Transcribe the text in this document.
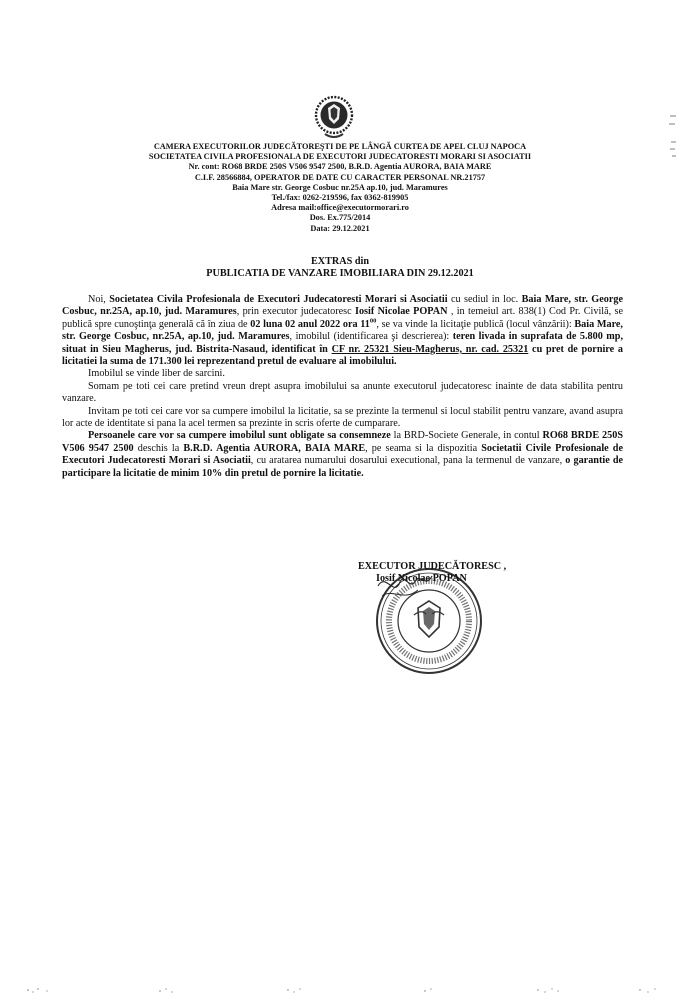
CAMERA EXECUTORILOR JUDECĂTOREŞTI DE PE LÂNGĂ CURTEA DE APEL CLUJ NAPOCA
SOCIETATEA CIVILA PROFESIONALA DE EXECUTORI JUDECATORESTI MORARI SI ASOCIATII
Nr. cont: RO68 BRDE 250S V506 9547 2500, B.R.D. Agentia AURORA, BAIA MARE
C.I.F. 28566884, OPERATOR DE DATE CU CARACTER PERSONAL NR.21757
Baia Mare str. George Cosbuc nr.25A ap.10, jud. Maramures
Tel./fax: 0262-219596, fax 0362-819905
Adresa mail:office@executormorari.ro
Dos. Ex.775/2014
Data: 29.12.2021
EXTRAS din
PUBLICATIA DE VANZARE IMOBILIARA DIN 29.12.2021

Noi, Societatea Civila Profesionala de Executori Judecatoresti Morari si Asociatii cu sediul in loc. Baia Mare, str. George Cosbuc, nr.25A, ap.10, jud. Maramures, prin executor judecatoresc Iosif Nicolae POPAN , in temeiul art. 838(1) Cod Pr. Civilă, se publică spre cunoştinţa generală că în ziua de 02 luna 02 anul 2022 ora $11^{00}$, se va vinde la licitaţie publică (locul vânzării): Baia Mare, str. George Cosbuc, nr.25A, ap.10, jud. Maramures, imobilul (identificarea şi descrierea): teren livada in suprafata de 5.800 mp, situat in Sieu Magherus, jud. Bistrita-Nasaud, identificat în CF nr. 25321 Sieu-Magherus, nr. cad. 25321 cu pret de pornire a licitatiei la suma de 171.300 lei reprezentand pretul de evaluare al imobilului.

Imobilul se vinde liber de sarcini.

Somam pe toti cei care pretind vreun drept asupra imobilului sa anunte executorul judecatoresc inainte de data stabilita pentru vanzare.

Invitam pe toti cei care vor sa cumpere imobilul la licitatie, sa se prezinte la termenul si locul stabilit pentru vanzare, avand asupra lor acte de identitate si pana la acel termen sa prezinte in scris oferte de cumparare.

Persoanele care vor sa cumpere imobilul sunt obligate sa consemneze la BRD-Societe Generale, in contul RO68 BRDE 250S V506 9547 2500 deschis la B.R.D. Agentia AURORA, BAIA MARE, pe seama si la dispozitia Societatii Civile Profesionale de Executori Judecatoresti Morari si Asociatii, cu aratarea numarului dosarului executional, pana la termenul de vanzare, o garantie de participare la licitatie de minim 10% din pretul de pornire la licitatie.

EXECUTOR JUDECĂTORESC ,
Iosif Nicolae POPAN
